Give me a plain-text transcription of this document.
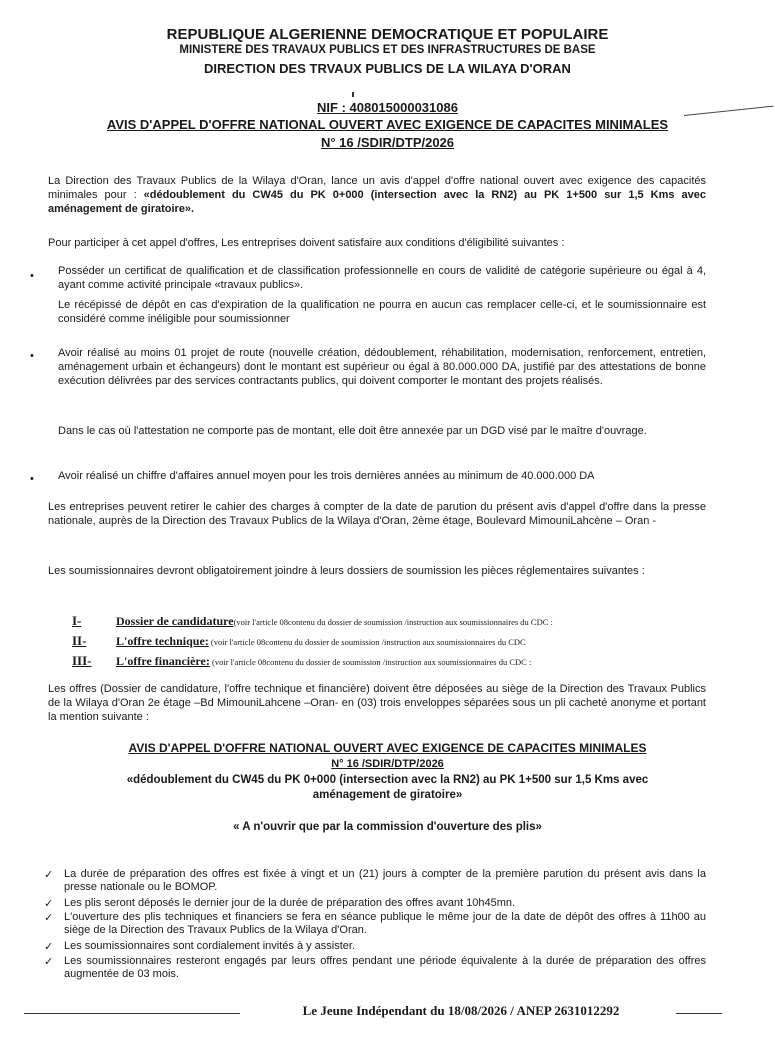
REPUBLIQUE ALGERIENNE DEMOCRATIQUE ET POPULAIRE
MINISTERE DES TRAVAUX PUBLICS ET DES INFRASTRUCTURES DE BASE
DIRECTION DES TRVAUX PUBLICS DE LA WILAYA D'ORAN
NIF : 408015000031086
AVIS D'APPEL D'OFFRE NATIONAL OUVERT AVEC EXIGENCE DE CAPACITES MINIMALES
N° 16 /SDIR/DTP/2026

La Direction des Travaux Publics de la Wilaya d'Oran, lance un avis d'appel d'offre national ouvert avec exigence des capacités minimales pour : «dédoublement du CW45 du PK 0+000 (intersection avec la RN2) au PK 1+500 sur 1,5 Kms avec aménagement de giratoire».

Pour participer à cet appel d'offres, Les entreprises doivent satisfaire aux conditions d'éligibilité suivantes :

• Posséder un certificat de qualification et de classification professionnelle en cours de validité de catégorie supérieure ou égal à 4, ayant comme activité principale «travaux publics».

Le récépissé de dépôt en cas d'expiration de la qualification ne pourra en aucun cas remplacer celle-ci, et le soumissionnaire est considéré comme inéligible pour soumissionner

• Avoir réalisé au moins 01 projet de route (nouvelle création, dédoublement, réhabilitation, modernisation, renforcement, entretien, aménagement urbain et échangeurs) dont le montant est supérieur ou égal à 80.000.000 DA, justifié par des attestations de bonne exécution délivrées par des services contractants publics, qui doivent comporter le montant des projets réalisés.

Dans le cas où l'attestation ne comporte pas de montant, elle doit être annexée par un DGD visé par le maître d'ouvrage.

• Avoir réalisé un chiffre d'affaires annuel moyen pour les trois dernières années au minimum de 40.000.000 DA

Les entreprises peuvent retirer le cahier des charges à compter de la date de parution du présent avis d'appel d'offre dans la presse nationale, auprès de la Direction des Travaux Publics de la Wilaya d'Oran, 2ème étage, Boulevard MimouniLahcène – Oran -

Les soumissionnaires devront obligatoirement joindre à leurs dossiers de soumission les pièces réglementaires suivantes :

I-	Dossier de candidature(voir l'article 08contenu du dossier de soumission /instruction aux soumissionnaires du CDC :
II- L'offre technique: (voir l'article 08contenu du dossier de soumission /instruction aux soumissionnaires du CDC
III- L'offre financière: (voir l'article 08contenu du dossier de soumission /instruction aux soumissionnaires du CDC :

Les offres (Dossier de candidature, l'offre technique et financière) doivent être déposées au siège de la Direction des Travaux Publics de la Wilaya d'Oran 2e étage –Bd MimouniLahcene –Oran- en (03) trois enveloppes séparées sous un pli cacheté anonyme et portant la mention suivante :

AVIS D'APPEL D'OFFRE NATIONAL OUVERT AVEC EXIGENCE DE CAPACITES MINIMALES
N° 16 /SDIR/DTP/2026
«dédoublement du CW45 du PK 0+000 (intersection avec la RN2) au PK 1+500 sur 1,5 Kms avec aménagement de giratoire»
« A n'ouvrir que par la commission d'ouverture des plis»
✓ La durée de préparation des offres est fixée à vingt et un (21) jours à compter de la première parution du présent avis dans la presse nationale ou le BOMOP.

✓ Les plis seront déposés le dernier jour de la durée de préparation des offres avant 10h45mn.

✓ L'ouverture des plis techniques et financiers se fera en séance publique le même jour de la date de dépôt des offres à 11h00 au siège de la Direction des Travaux Publics de la Wilaya d'Oran.

✓ Les soumissionnaires sont cordialement invités à y assister.

✓ Les soumissionnaires resteront engagés par leurs offres pendant une période équivalente à la durée de préparation des offres augmentée de 03 mois.

Le Jeune Indépendant du 18/08/2026 / ANEP 2631012292
